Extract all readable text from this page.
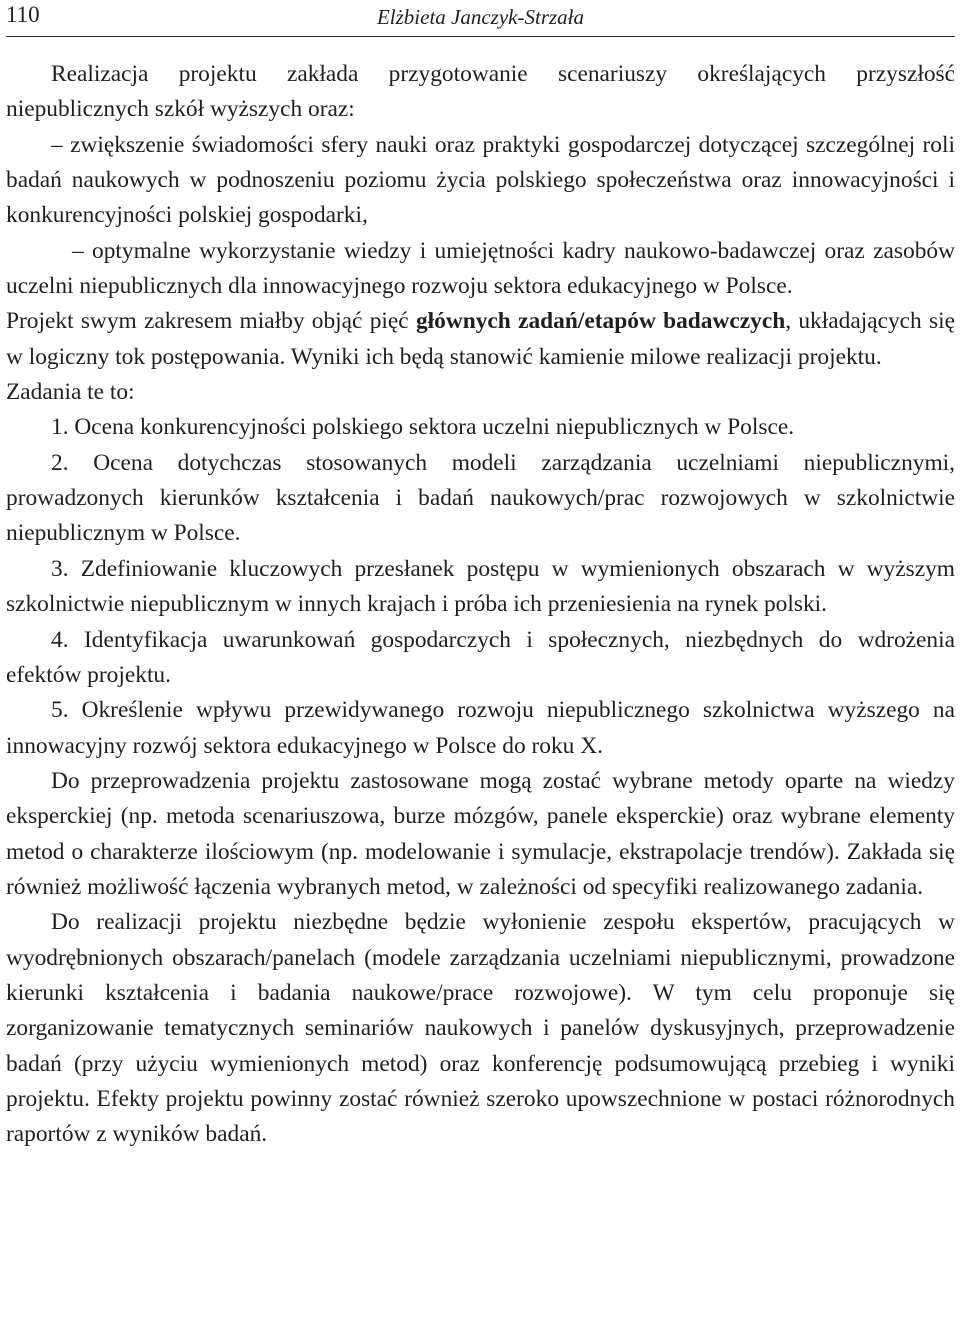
110	Elżbieta Janczyk-Strzała

Realizacja projektu zakłada przygotowanie scenariuszy określających przyszłość niepublicznych szkół wyższych oraz:

– zwiększenie świadomości sfery nauki oraz praktyki gospodarczej dotyczącej szczególnej roli badań naukowych w podnoszeniu poziomu życia polskiego społeczeństwa oraz innowacyjności i konkurencyjności polskiej gospodarki,

– optymalne wykorzystanie wiedzy i umiejętności kadry naukowo-badawczej oraz zasobów uczelni niepublicznych dla innowacyjnego rozwoju sektora edukacyjnego w Polsce.

Projekt swym zakresem miałby objąć pięć głównych zadań/etapów badawczych, układających się w logiczny tok postępowania. Wyniki ich będą stanowić kamienie milowe realizacji projektu.

Zadania te to:

1. Ocena konkurencyjności polskiego sektora uczelni niepublicznych w Polsce.

2. Ocena dotychczas stosowanych modeli zarządzania uczelniami niepublicznymi, prowadzonych kierunków kształcenia i badań naukowych/prac rozwojowych w szkolnictwie niepublicznym w Polsce.

3. Zdefiniowanie kluczowych przesłanek postępu w wymienionych obszarach w wyższym szkolnictwie niepublicznym w innych krajach i próba ich przeniesienia na rynek polski.

4. Identyfikacja uwarunkowań gospodarczych i społecznych, niezbędnych do wdrożenia efektów projektu.

5. Określenie wpływu przewidywanego rozwoju niepublicznego szkolnictwa wyższego na innowacyjny rozwój sektora edukacyjnego w Polsce do roku X.

Do przeprowadzenia projektu zastosowane mogą zostać wybrane metody oparte na wiedzy eksperckiej (np. metoda scenariuszowa, burze mózgów, panele eksperckie) oraz wybrane elementy metod o charakterze ilościowym (np. modelowanie i symulacje, ekstrapolacje trendów). Zakłada się również możliwość łączenia wybranych metod, w zależności od specyfiki realizowanego zadania.

Do realizacji projektu niezbędne będzie wyłonienie zespołu ekspertów, pracujących w wyodrębnionych obszarach/panelach (modele zarządzania uczelniami niepublicznymi, prowadzone kierunki kształcenia i badania naukowe/prace rozwojowe). W tym celu proponuje się zorganizowanie tematycznych seminariów naukowych i panelów dyskusyjnych, przeprowadzenie badań (przy użyciu wymienionych metod) oraz konferencję podsumowującą przebieg i wyniki projektu. Efekty projektu powinny zostać również szeroko upowszechnione w postaci różnorodnych raportów z wyników badań.
